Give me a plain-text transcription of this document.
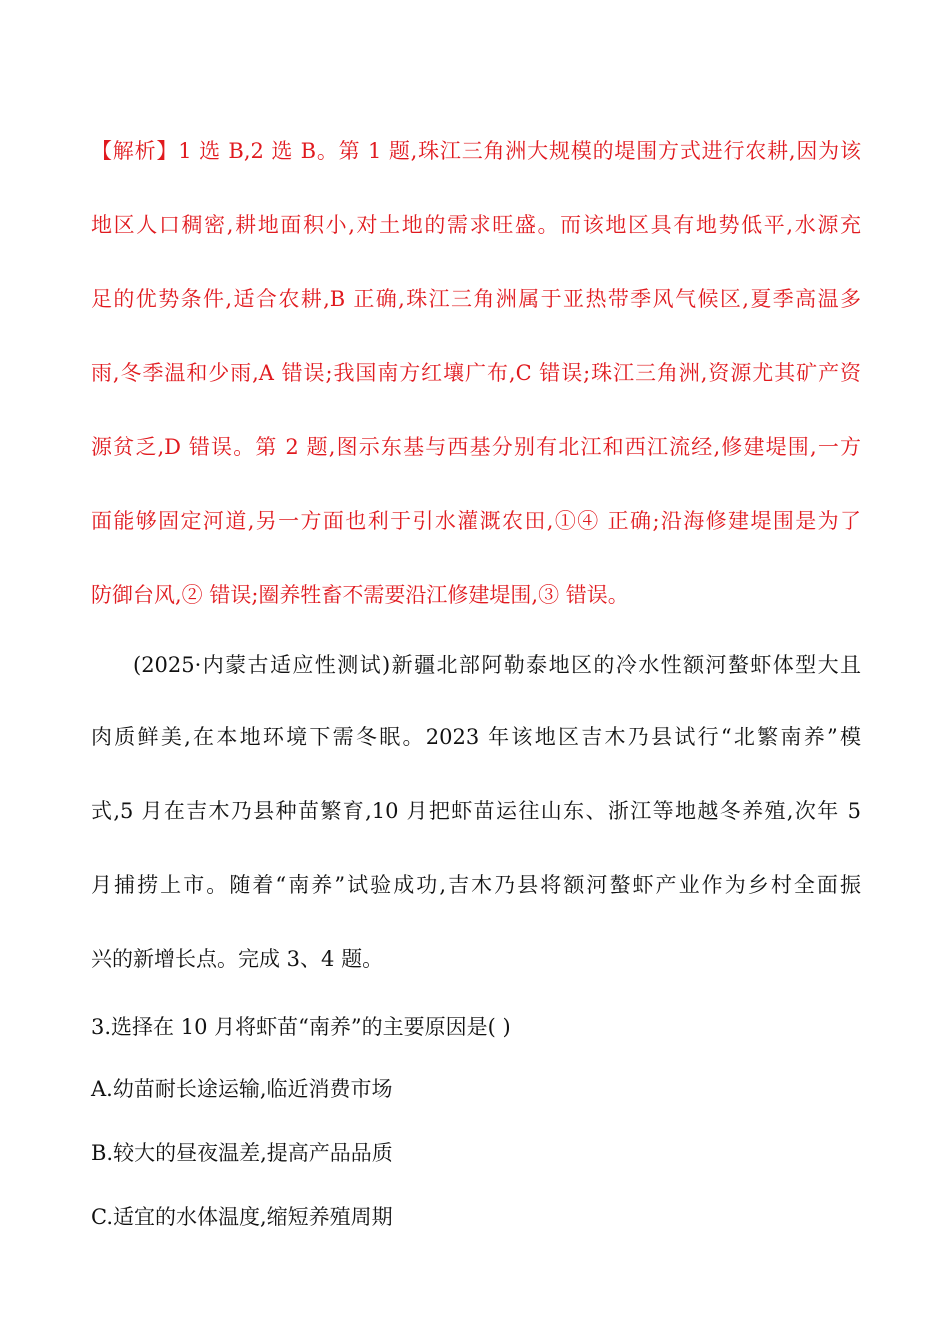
【解析】1 选 B,2 选 B。第 1 题,珠江三角洲大规模的堤围方式进行农耕,因为该
地区人口稠密,耕地面积小,对土地的需求旺盛。而该地区具有地势低平,水源充
足的优势条件,适合农耕,B 正确,珠江三角洲属于亚热带季风气候区,夏季高温多
雨,冬季温和少雨,A 错误;我国南方红壤广布,C 错误;珠江三角洲,资源尤其矿产资
源贫乏,D 错误。第 2 题,图示东基与西基分别有北江和西江流经,修建堤围,一方
面能够固定河道,另一方面也利于引水灌溉农田,①④ 正确;沿海修建堤围是为了
防御台风,② 错误;圈养牲畜不需要沿江修建堤围,③ 错误。
(2025·内蒙古适应性测试)新疆北部阿勒泰地区的冷水性额河螯虾体型大且
肉质鲜美,在本地环境下需冬眠。2023 年该地区吉木乃县试行“北繁南养”模
式,5 月在吉木乃县种苗繁育,10 月把虾苗运往山东、浙江等地越冬养殖,次年 5
月捕捞上市。随着“南养”试验成功,吉木乃县将额河螯虾产业作为乡村全面振
兴的新增长点。完成 3、4 题。
3.选择在 10 月将虾苗“南养”的主要原因是( )
A.幼苗耐长途运输,临近消费市场
B.较大的昼夜温差,提高产品品质
C.适宜的水体温度,缩短养殖周期
